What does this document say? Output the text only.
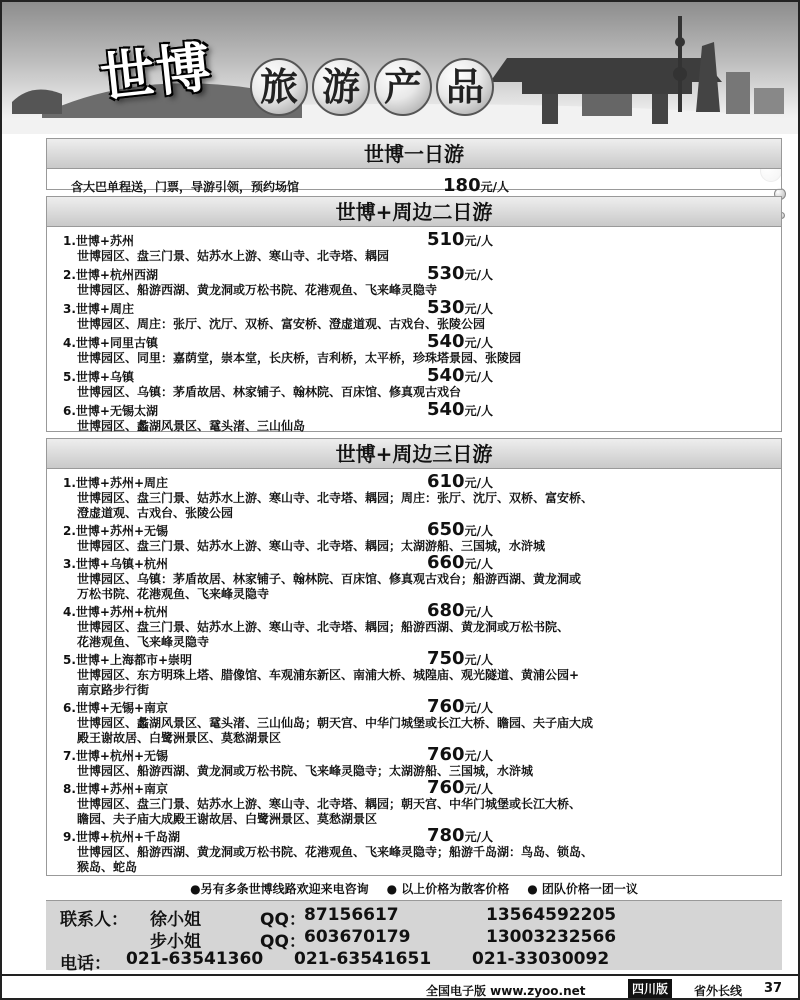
世博 旅 游 产 品
世博一日游
含大巴单程送，门票，导游引领，预约场馆	180元/人
世博+周边二日游
1.世博+苏州
世博园区、盘三门景、姑苏水上游、寒山寺、北寺塔、耦园
510元/人
2.世博+杭州西湖
世博园区、船游西湖、黄龙洞或万松书院、花港观鱼、飞来峰灵隐寺
530元/人
3.世博+周庄
世博园区、周庄：张厅、沈厅、双桥、富安桥、澄虚道观、古戏台、张陵公园
530元/人
4.世博+同里古镇
世博园区、同里：嘉荫堂，崇本堂，长庆桥，吉利桥，太平桥，珍珠塔景园、张陵园
540元/人
5.世博+乌镇
世博园区、乌镇：茅盾故居、林家铺子、翰林院、百床馆、修真观古戏台
540元/人
6.世博+无锡太湖
世博园区、蠡湖风景区、鼋头渚、三山仙岛
540元/人
世博+周边三日游
1.世博+苏州+周庄
世博园区、盘三门景、姑苏水上游、寒山寺、北寺塔、耦园；周庄：张厅、沈厅、双桥、富安桥、
澄虚道观、古戏台、张陵公园
610元/人
2.世博+苏州+无锡
世博园区、盘三门景、姑苏水上游、寒山寺、北寺塔、耦园；太湖游船、三国城，水浒城
650元/人
3.世博+乌镇+杭州
世博园区、乌镇：茅盾故居、林家铺子、翰林院、百床馆、修真观古戏台；船游西湖、黄龙洞或
万松书院、花港观鱼、飞来峰灵隐寺
660元/人
4.世博+苏州+杭州
世博园区、盘三门景、姑苏水上游、寒山寺、北寺塔、耦园；船游西湖、黄龙洞或万松书院、
花港观鱼、飞来峰灵隐寺
680元/人
5.世博+上海都市+崇明
世博园区、东方明珠上塔、腊像馆、车观浦东新区、南浦大桥、城隍庙、观光隧道、黄浦公园+
南京路步行街
750元/人
6.世博+无锡+南京
世博园区、蠡湖风景区、鼋头渚、三山仙岛；朝天宫、中华门城堡或长江大桥、瞻园、夫子庙大成
殿王谢故居、白鹭洲景区、莫愁湖景区
760元/人
7.世博+杭州+无锡
世博园区、船游西湖、黄龙洞或万松书院、飞来峰灵隐寺；太湖游船、三国城，水浒城
760元/人
8.世博+苏州+南京
世博园区、盘三门景、姑苏水上游、寒山寺、北寺塔、耦园；朝天宫、中华门城堡或长江大桥、
瞻园、夫子庙大成殿王谢故居、白鹭洲景区、莫愁湖景区
760元/人
9.世博+杭州+千岛湖
世博园区、船游西湖、黄龙洞或万松书院、花港观鱼、飞来峰灵隐寺；船游千岛湖：鸟岛、锁岛、
猴岛、蛇岛
780元/人
●另有多条世博线路欢迎来电咨询 ● 以上价格为散客价格 ● 团队价格一团一议
联系人： 徐小姐	QQ：
87156617	13564592205
步小姐	QQ：
603670179	13003232566
电话： 021-63541360 021-63541651 021-33030092
全国电子版 www.zyoo.net	四川版	省外长线 37
